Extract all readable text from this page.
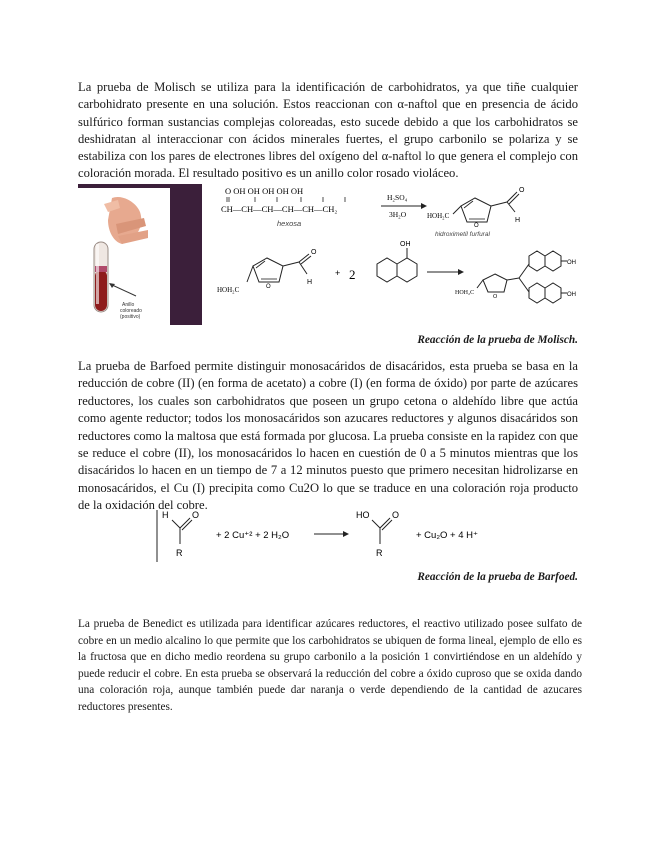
La prueba de Molisch se utiliza para la identificación de carbohidratos, ya que tiñe cualquier carbohidrato presente en una solución. Estos reaccionan con α-naftol que en presencia de ácido sulfúrico forman sustancias complejas coloreadas, esto sucede debido a que los carbohidratos se deshidratan al interaccionar con ácidos minerales fuertes, el grupo carbonilo se polariza y se estabiliza con los pares de electrones libres del oxígeno del α-naftol lo que genera el complejo con coloración morada. El resultado positivo es un anillo color rosado violáceo.

Anillo
coloreado
(positivo)
O OH OH OH OH OH
CH—CH—CH—CH—CH—CH₂
hexosa
H₂SO₄
3H₂O
O
HOH₂C
O
H
hidroximetil furfural
O
HOH₂C
O
H
+ 2
OH
O
HOH₂C
OH
OH

Reacción de la prueba de Molisch.

La prueba de Barfoed permite distinguir monosacáridos de disacáridos, esta prueba se basa en la reducción de cobre (II) (en forma de acetato) a cobre (I) (en forma de óxido) por parte de azúcares reductores, los cuales son carbohidratos que poseen un grupo cetona o aldehído libre que actúa como agente reductor; todos los monosacáridos son azucares reductores y algunos disacáridos son reductores como la maltosa que está formada por glucosa. La prueba consiste en la rapidez con que se reduce el cobre (II), los monosacáridos lo hacen en cuestión de 0 a 5 minutos mientras que los disacáridos lo hacen en un tiempo de 7 a 12 minutos puesto que primero necesitan hidrolizarse en monosacáridos, el Cu (I) precipita como Cu2O lo que se traduce en una coloración roja producto de la oxidación del cobre.

H	O
R
+ 2 Cu⁺² + 2 H₂O
HO	O
R
+ Cu₂O + 4 H⁺

Reacción de la prueba de Barfoed.

La prueba de Benedict es utilizada para identificar azúcares reductores, el reactivo utilizado posee sulfato de cobre en un medio alcalino lo que permite que los carbohidratos se ubiquen de forma lineal, ejemplo de ello es la fructosa que en dicho medio reordena su grupo carbonilo a la posición 1 convirtiéndose en un aldehído y puede reducir el cobre. En esta prueba se observará la reducción del cobre a óxido cuproso que se oxida dando una coloración roja, aunque también puede dar naranja o verde dependiendo de la cantidad de azucares reductores presentes.
